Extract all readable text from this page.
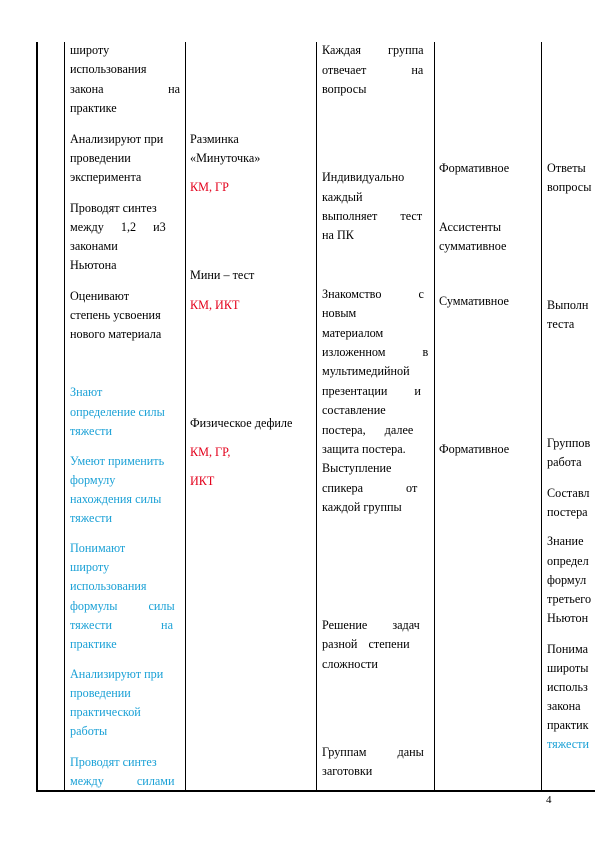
широту
использования
закона	на
практике
Анализируют при
проведении
эксперимента
Проводят синтез
между 1,2 и3
законами
Ньютона
Оценивают
степень усвоения
нового материала
Знают
определение силы
тяжести
Умеют применить
формулу
нахождения силы
тяжести
Понимают
широту
использования
формулы силы
тяжести на
практике
Анализируют при
проведении
практической
работы
Проводят синтез
между силами
Разминка
«Минуточка»
КМ, ГР
Мини – тест
КМ, ИКТ
Физическое дефиле
КМ, ГР,
ИКТ
Каждая группа
отвечает на
вопросы
Индивидуально
каждый
выполняет тест
на ПК
Знакомство с
новым
материалом
изложенном в
мультимедийной
презентации и
составление
постера, далее
защита постера.
Выступление
спикера от
каждой группы
Решение задач
разной степени
сложности
Группам даны
заготовки
Формативное
Ассистенты
суммативное
Суммативное
Формативное
Ответы
вопросы
Выполн
теста
Группов
работа
Составл
постера
Знание
определ
формул
третьего
Ньютон
Понима
широты
использ
закона
практик
тяжести
4
